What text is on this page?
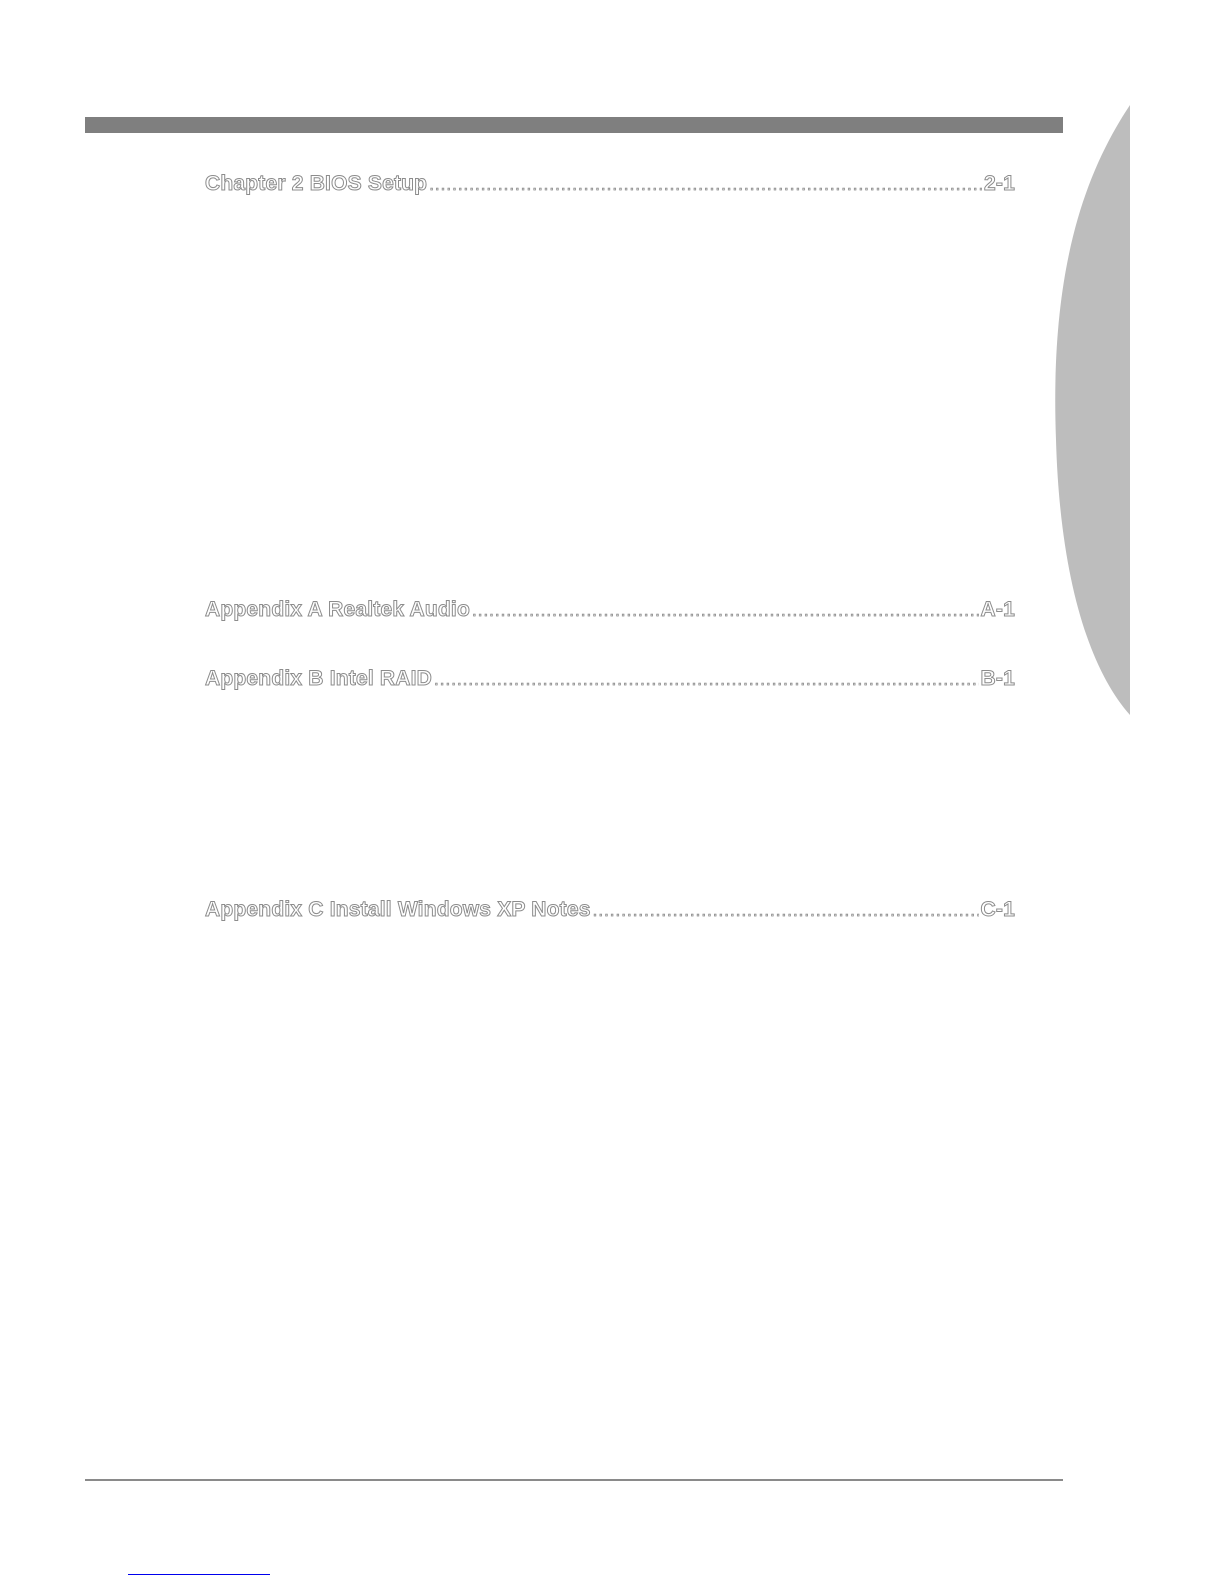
Chapter 2 BIOS Setup .....	2-1
Appendix A Realtek Audio .....	A-1
Appendix B Intel RAID .....	B-1
Appendix C Install Windows XP Notes .....	C-1
